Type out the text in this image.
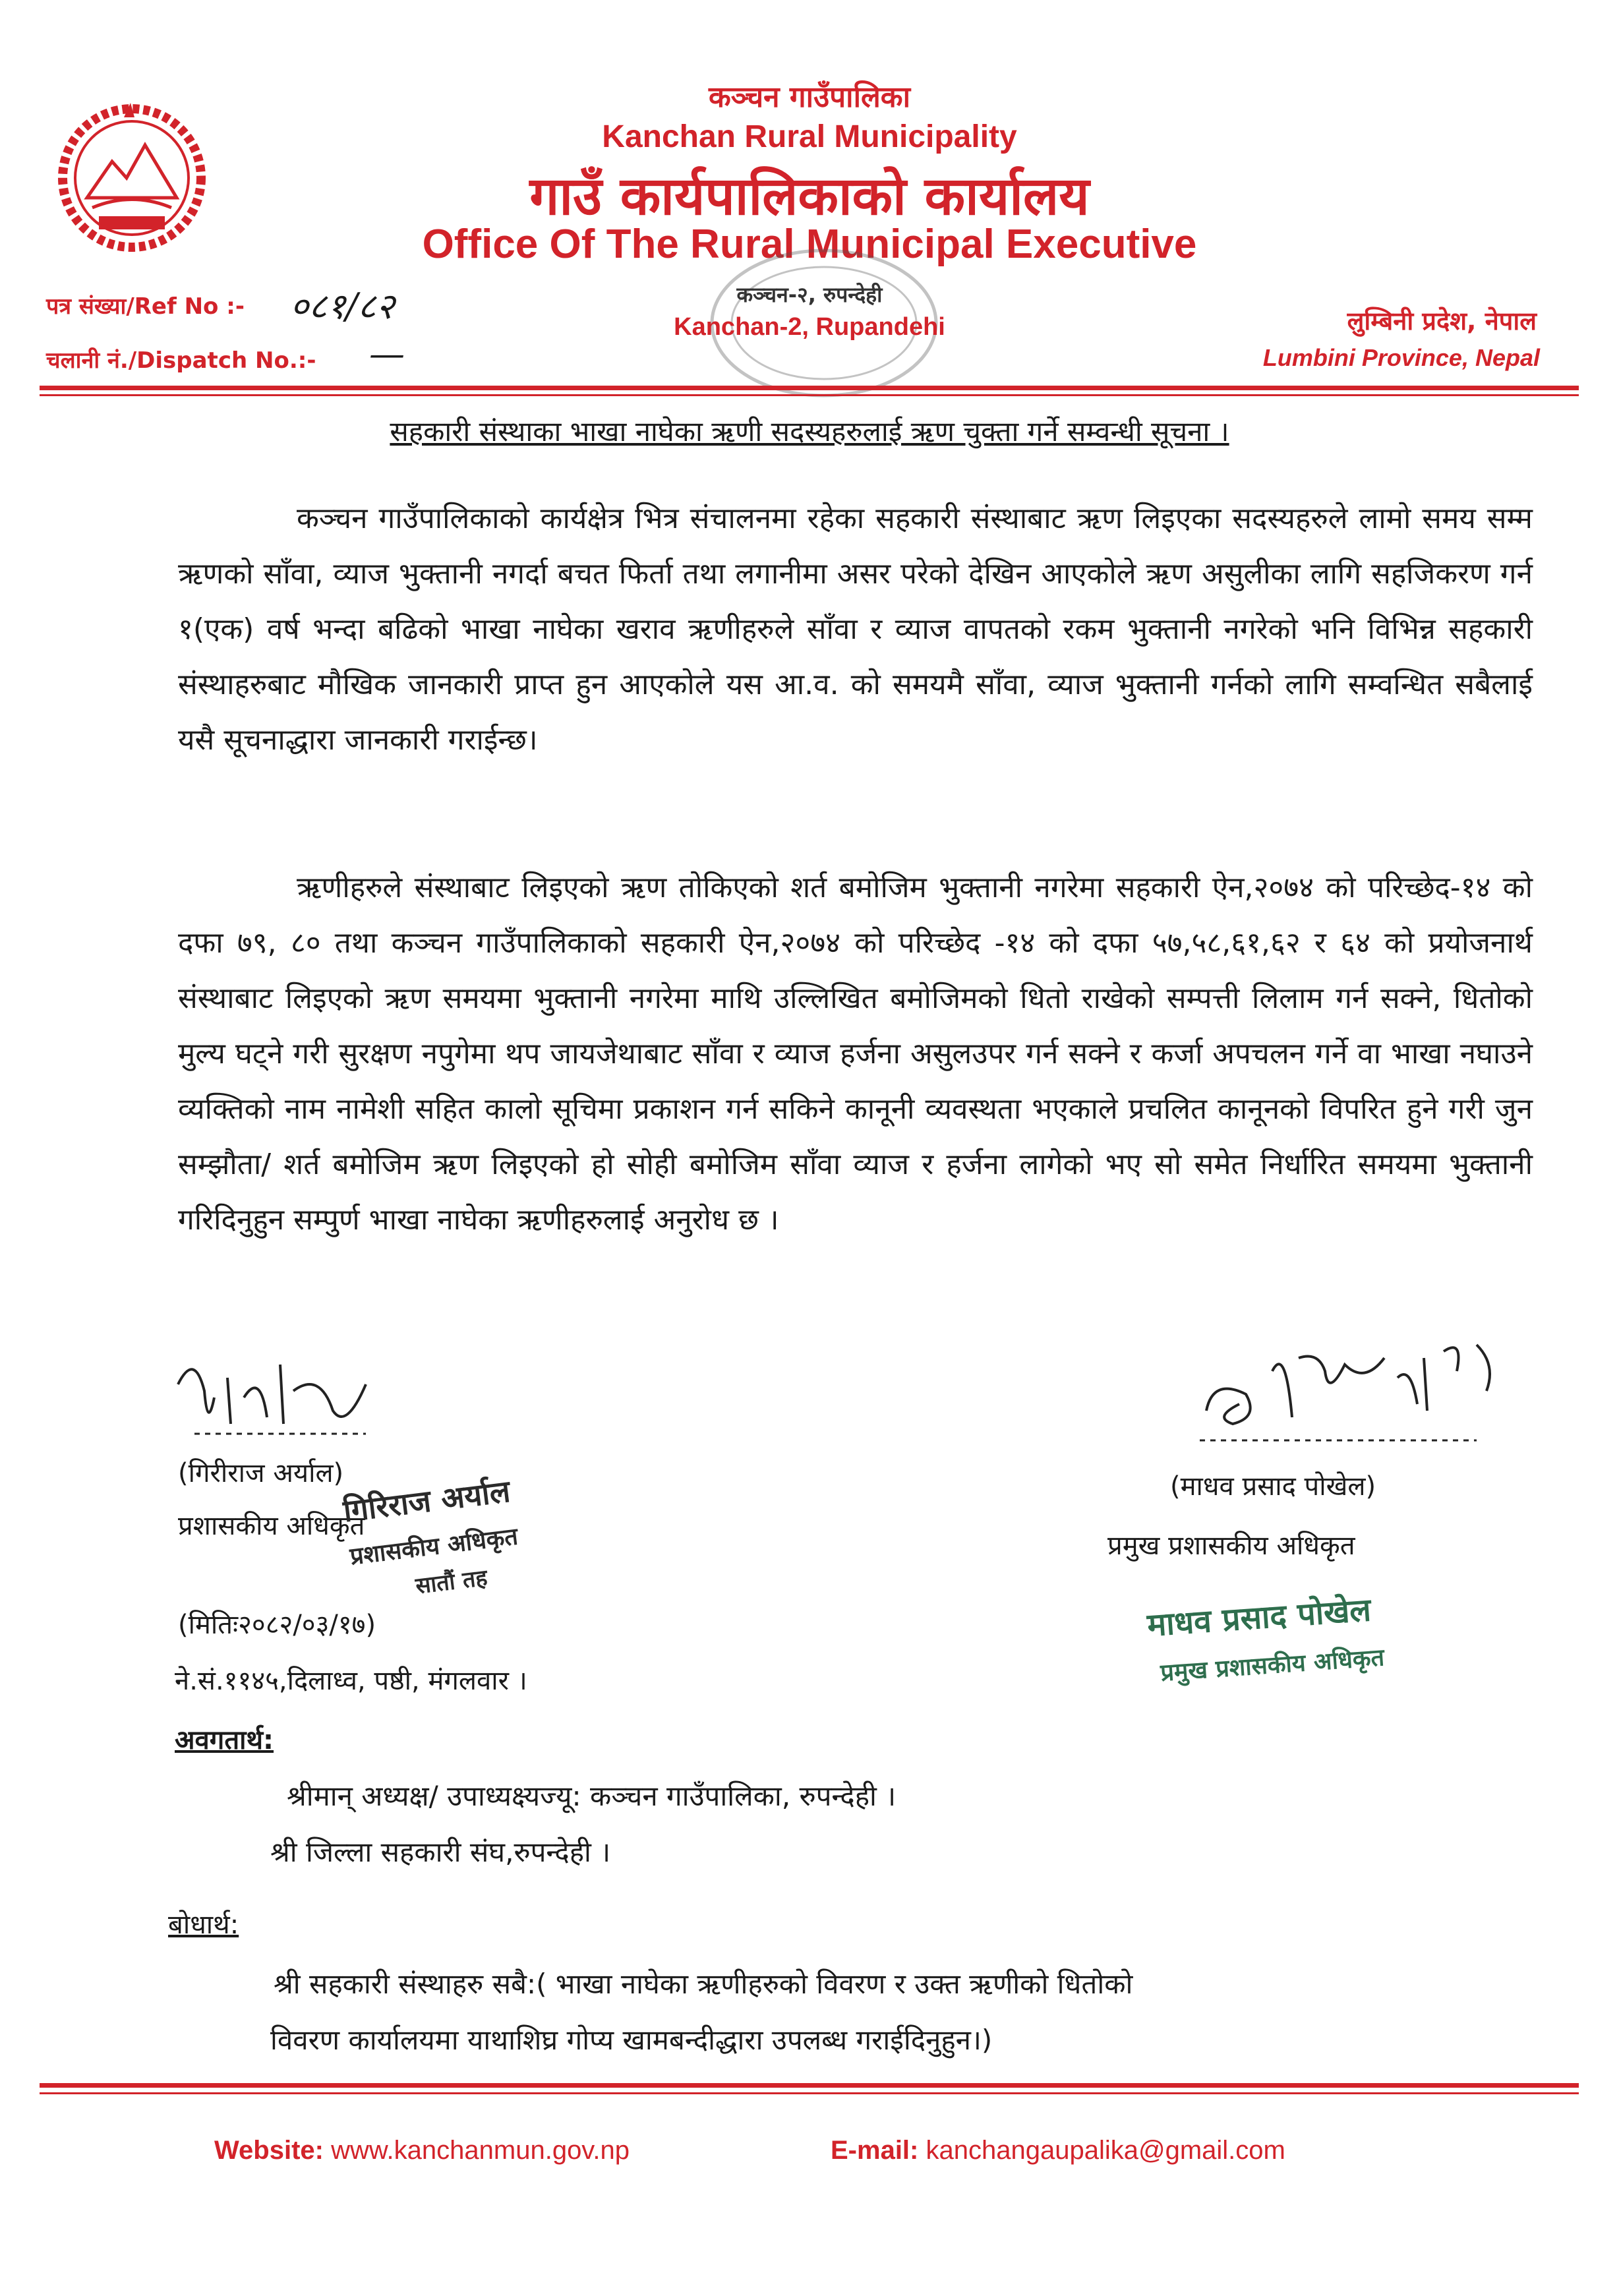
कञ्चन गाउँपालिका
Kanchan Rural Municipality
गाउँ कार्यपालिकाको कार्यालय
Office Of The Rural Municipal Executive
कञ्चन-२, रुपन्देही
Kanchan-2, Rupandehi
पत्र संख्या/Ref No :- ०८१/८२
चलानी नं./Dispatch No.:- —
लुम्बिनी प्रदेश, नेपाल
Lumbini Province, Nepal
सहकारी संस्थाका भाखा नाघेका ऋणी सदस्यहरुलाई ऋण चुक्ता गर्ने सम्वन्धी सूचना ।
कञ्चन गाउँपालिकाको कार्यक्षेत्र भित्र संचालनमा रहेका सहकारी संस्थाबाट ऋण लिइएका सदस्यहरुले लामो समय सम्म ऋणको साँवा, व्याज भुक्तानी नगर्दा बचत फिर्ता तथा लगानीमा असर परेको देखिन आएकोले ऋण असुलीका लागि सहजिकरण गर्न १(एक) वर्ष भन्दा बढिको भाखा नाघेका खराव ऋणीहरुले साँवा र व्याज वापतको रकम भुक्तानी नगरेको भनि विभिन्न सहकारी संस्थाहरुबाट मौखिक जानकारी प्राप्त हुन आएकोले यस आ.व. को समयमै साँवा, व्याज भुक्तानी गर्नको लागि सम्वन्धित सबैलाई यसै सूचनाद्धारा जानकारी गराईन्छ।
ऋणीहरुले संस्थाबाट लिइएको ऋण तोकिएको शर्त बमोजिम भुक्तानी नगरेमा सहकारी ऐन,२०७४ को परिच्छेद-१४ को दफा ७९, ८० तथा कञ्चन गाउँपालिकाको सहकारी ऐन,२०७४ को परिच्छेद -१४ को दफा ५७,५८,६१,६२ र ६४ को प्रयोजनार्थ संस्थाबाट लिइएको ऋण समयमा भुक्तानी नगरेमा माथि उल्लिखित बमोजिमको धितो राखेको सम्पत्ती लिलाम गर्न सक्ने, धितोको मुल्य घट्ने गरी सुरक्षण नपुगेमा थप जायजेथाबाट साँवा र व्याज हर्जना असुलउपर गर्न सक्ने र कर्जा अपचलन गर्ने वा भाखा नघाउने व्यक्तिको नाम नामेशी सहित कालो सूचिमा प्रकाशन गर्न सकिने कानूनी व्यवस्थता भएकाले प्रचलित कानूनको विपरित हुने गरी जुन सम्झौता/ शर्त बमोजिम ऋण लिइएको हो सोही बमोजिम साँवा व्याज र हर्जना लागेको भए सो समेत निर्धारित समयमा भुक्तानी गरिदिनुहुन सम्पुर्ण भाखा नाघेका ऋणीहरुलाई अनुरोध छ ।
(गिरीराज अर्याल)
प्रशासकीय अधिकृत
गिरिराज अर्याल
प्रशासकीय अधिकृत
सातौं तह
(मितिः२०८२/०३/१७)
ने.सं.११४५,दिलाध्व, पष्ठी, मंगलवार ।
(माधव प्रसाद पोखेल)
प्रमुख प्रशासकीय अधिकृत
माधव प्रसाद पोखेल
प्रमुख प्रशासकीय अधिकृत
अवगतार्थ:
श्रीमान् अध्यक्ष/ उपाध्यक्ष्यज्यू: कञ्चन गाउँपालिका, रुपन्देही ।
श्री जिल्ला सहकारी संघ,रुपन्देही ।
बोधार्थ:
श्री सहकारी संस्थाहरु सबै:( भाखा नाघेका ऋणीहरुको विवरण र उक्त ऋणीको धितोको
विवरण कार्यालयमा याथाशिघ्र गोप्य खामबन्दीद्धारा उपलब्ध गराईदिनुहुन।)
Website: www.kanchanmun.gov.np	E-mail: kanchangaupalika@gmail.com
